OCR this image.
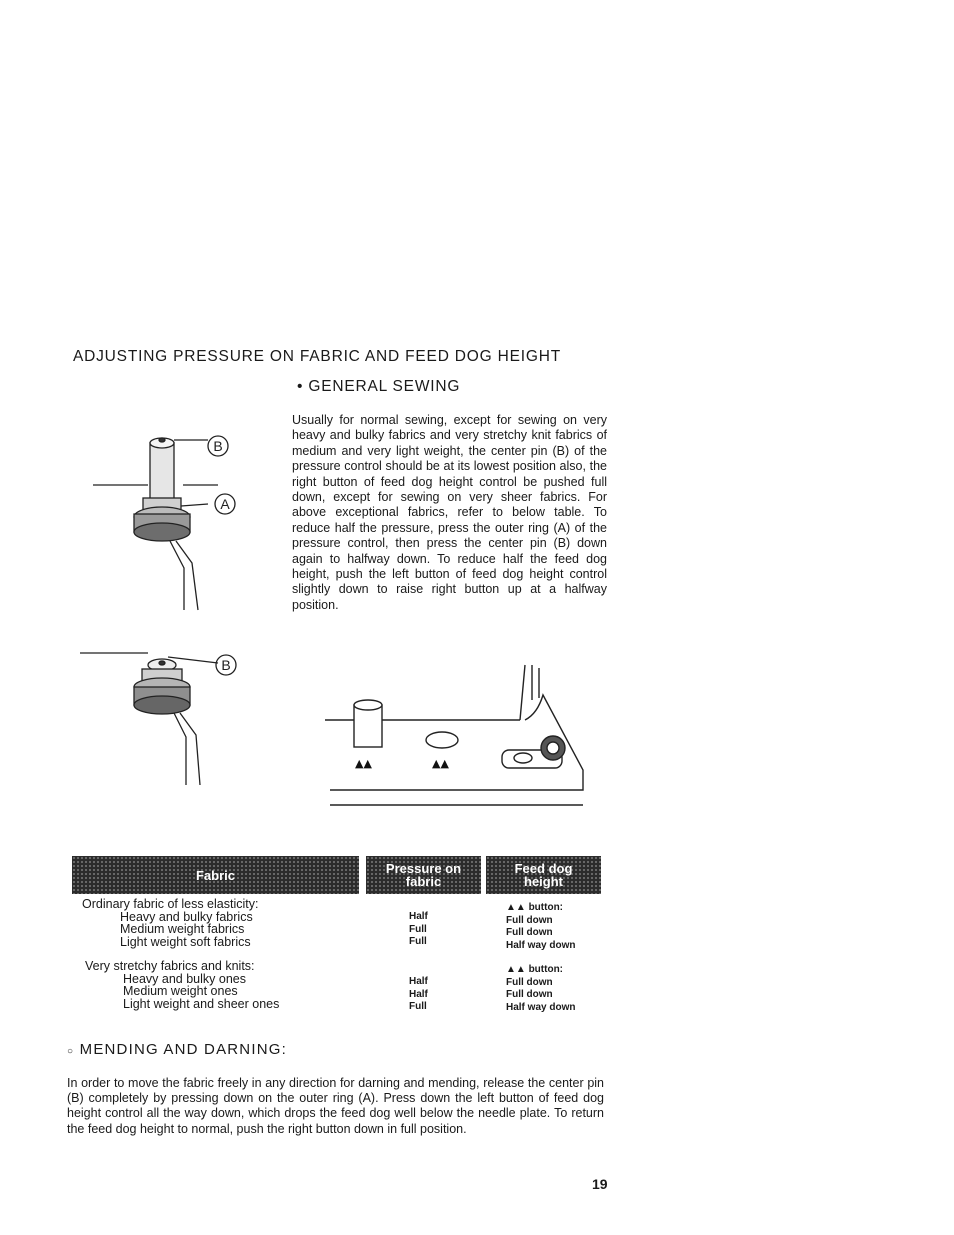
ADJUSTING PRESSURE ON FABRIC AND FEED DOG HEIGHT
• GENERAL SEWING

Usually for normal sewing, except for sewing on very heavy and bulky fabrics and very stretchy knit fabrics of medium and very light weight, the center pin (B) of the pressure control should be at its lowest position also, the right button of feed dog height control be pushed full down, except for sewing on very sheer fabrics. For above exceptional fabrics, refer to below table. To reduce half the pressure, press the outer ring (A) of the pressure control, then press the center pin (B) down again to halfway down. To reduce half the feed dog height, push the left button of feed dog height control slightly down to raise right button up at a halfway position.

B
A
B
▲▲	▲▲
Fabric	Pressure on fabric
Feed dog height
Ordinary fabric of less elasticity:
Heavy and bulky fabrics
Medium weight fabrics
Light weight soft fabrics
Half
Full
Full
▲▲ button:
Full down
Full down
Half way down
Very stretchy fabrics and knits:
Heavy and bulky ones
Medium weight ones
Light weight and sheer ones
Half
Half
Full
▲▲ button:
Full down
Full down
Half way down
○ MENDING AND DARNING:

In order to move the fabric freely in any direction for darning and mending, release the center pin (B) completely by pressing down on the outer ring (A). Press down the left button of feed dog height control all the way down, which drops the feed dog well below the needle plate. To return the feed dog height to normal, push the right button down in full position.

19
